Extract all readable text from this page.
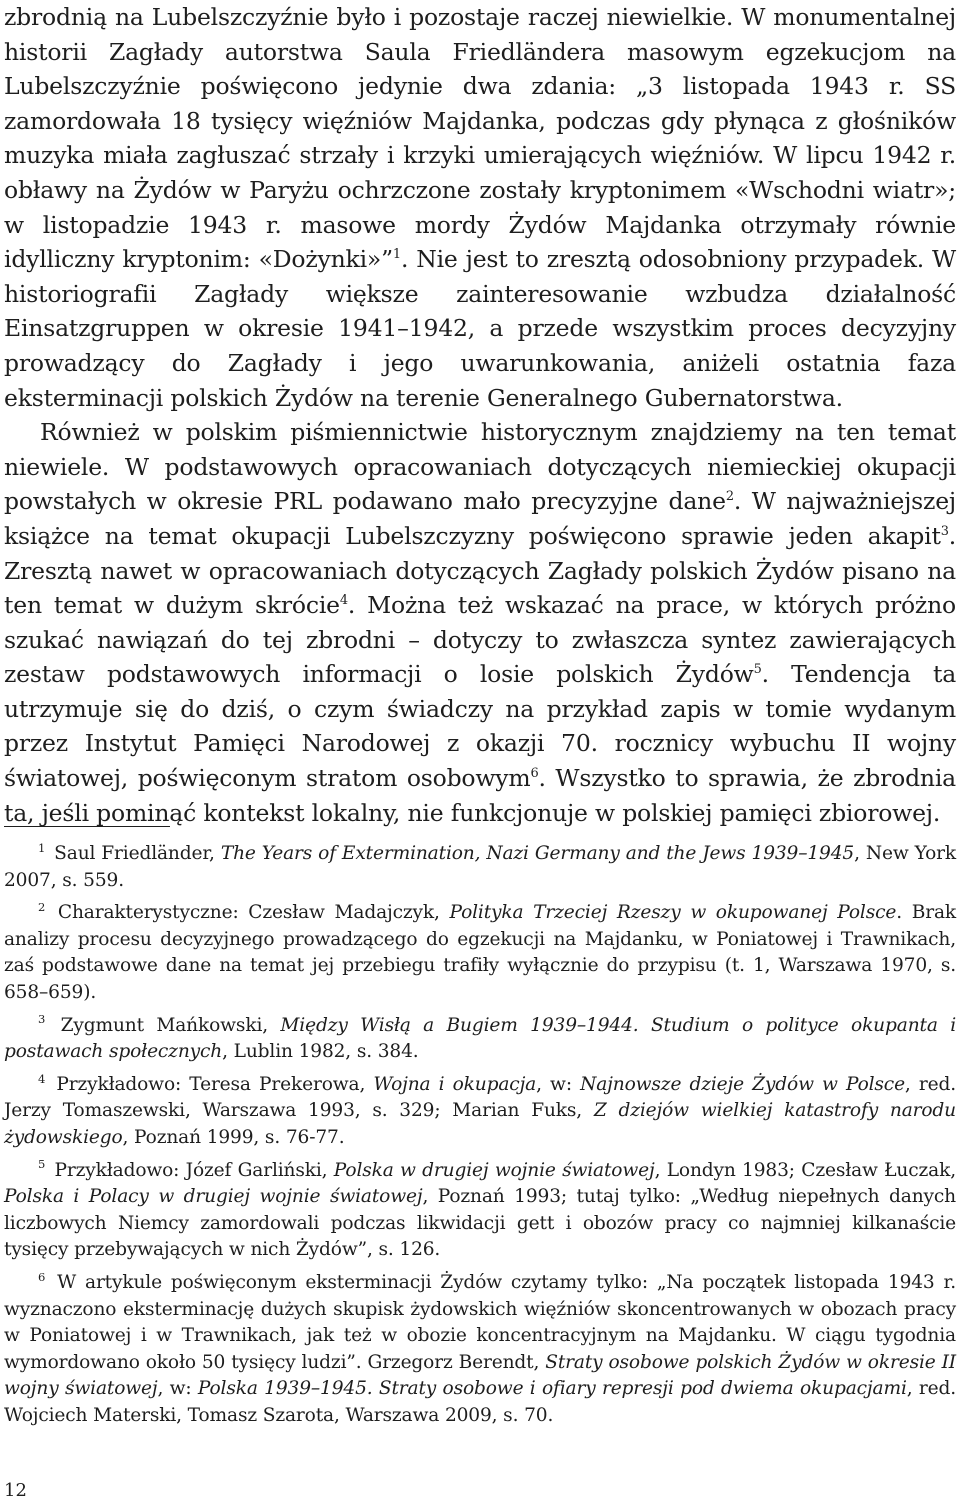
zbrodnią na Lubelszczyźnie było i pozostaje raczej niewielkie. W monumentalnej historii Zagłady autorstwa Saula Friedländera masowym egzekucjom na Lubelszczyźnie poświęcono jedynie dwa zdania: „3 listopada 1943 r. SS zamordowała 18 tysięcy więźniów Majdanka, podczas gdy płynąca z głośników muzyka miała zagłuszać strzały i krzyki umierających więźniów. W lipcu 1942 r. obławy na Żydów w Paryżu ochrzczone zostały kryptonimem «Wschodni wiatr»; w listopadzie 1943 r. masowe mordy Żydów Majdanka otrzymały równie idylliczny kryptonim: «Dożynki»”$^1$. Nie jest to zresztą odosobniony przypadek. W historiografii Zagłady większe zainteresowanie wzbudza działalność Einsatzgruppen w okresie 1941–1942, a przede wszystkim proces decyzyjny prowadzący do Zagłady i jego uwarunkowania, aniżeli ostatnia faza eksterminacji polskich Żydów na terenie Generalnego Gubernatorstwa.

Również w polskim piśmiennictwie historycznym znajdziemy na ten temat niewiele. W podstawowych opracowaniach dotyczących niemieckiej okupacji powstałych w okresie PRL podawano mało precyzyjne dane$^2$. W najważniejszej książce na temat okupacji Lubelszczyzny poświęcono sprawie jeden akapit$^3$. Zresztą nawet w opracowaniach dotyczących Zagłady polskich Żydów pisano na ten temat w dużym skrócie$^4$. Można też wskazać na prace, w których próżno szukać nawiązań do tej zbrodni – dotyczy to zwłaszcza syntez zawierających zestaw podstawowych informacji o losie polskich Żydów$^5$. Tendencja ta utrzymuje się do dziś, o czym świadczy na przykład zapis w tomie wydanym przez Instytut Pamięci Narodowej z okazji 70. rocznicy wybuchu II wojny światowej, poświęconym stratom osobowym$^6$. Wszystko to sprawia, że zbrodnia ta, jeśli pominąć kontekst lokalny, nie funkcjonuje w polskiej pamięci zbiorowej.

$^1$ Saul Friedländer, The Years of Extermination, Nazi Germany and the Jews 1939–1945, New York 2007, s. 559.

$^2$ Charakterystyczne: Czesław Madajczyk, Polityka Trzeciej Rzeszy w okupowanej Polsce. Brak analizy procesu decyzyjnego prowadzącego do egzekucji na Majdanku, w Poniatowej i Trawnikach, zaś podstawowe dane na temat jej przebiegu trafiły wyłącznie do przypisu (t. 1, Warszawa 1970, s. 658–659).

$^3$ Zygmunt Mańkowski, Między Wisłą a Bugiem 1939–1944. Studium o polityce okupanta i postawach społecznych, Lublin 1982, s. 384.

$^4$ Przykładowo: Teresa Prekerowa, Wojna i okupacja, w: Najnowsze dzieje Żydów w Polsce, red. Jerzy Tomaszewski, Warszawa 1993, s. 329; Marian Fuks, Z dziejów wielkiej katastrofy narodu żydowskiego, Poznań 1999, s. 76-77.

$^5$ Przykładowo: Józef Garliński, Polska w drugiej wojnie światowej, Londyn 1983; Czesław Łuczak, Polska i Polacy w drugiej wojnie światowej, Poznań 1993; tutaj tylko: „Według niepełnych danych liczbowych Niemcy zamordowali podczas likwidacji gett i obozów pracy co najmniej kilkanaście tysięcy przebywających w nich Żydów”, s. 126.

$^6$ W artykule poświęconym eksterminacji Żydów czytamy tylko: „Na początek listopada 1943 r. wyznaczono eksterminację dużych skupisk żydowskich więźniów skoncentrowanych w obozach pracy w Poniatowej i w Trawnikach, jak też w obozie koncentracyjnym na Majdanku. W ciągu tygodnia wymordowano około 50 tysięcy ludzi”. Grzegorz Berendt, Straty osobowe polskich Żydów w okresie II wojny światowej, w: Polska 1939–1945. Straty osobowe i ofiary represji pod dwiema okupacjami, red. Wojciech Materski, Tomasz Szarota, Warszawa 2009, s. 70.

12
